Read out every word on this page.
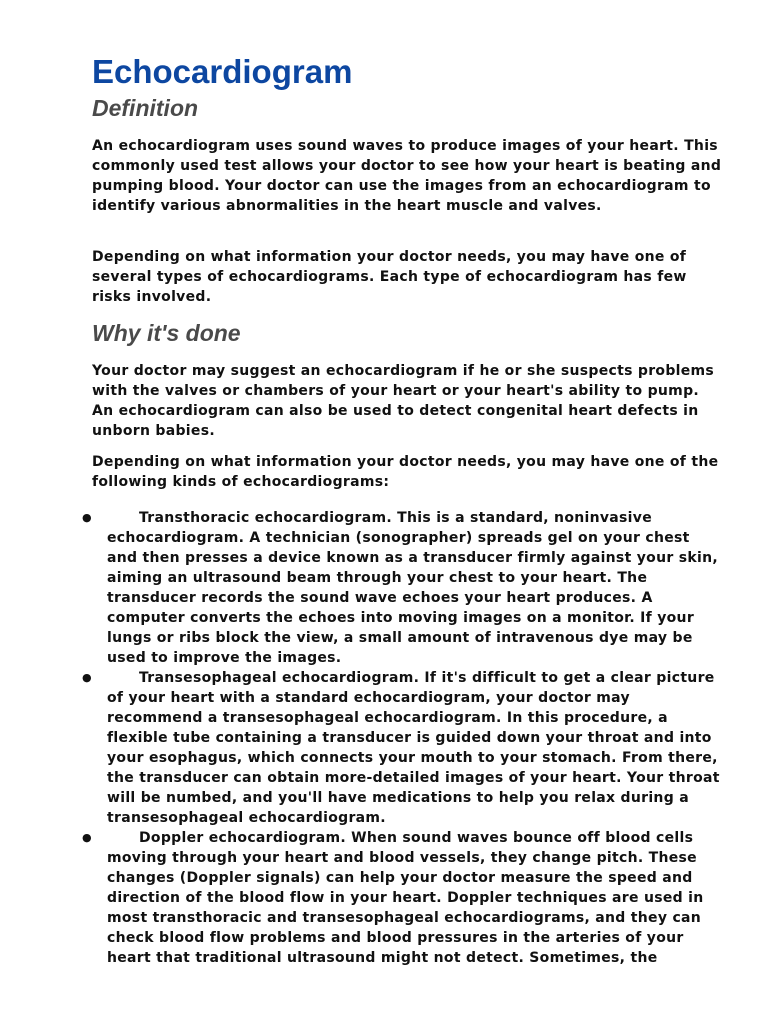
Echocardiogram
Definition

An echocardiogram uses sound waves to produce images of your heart. This commonly used test allows your doctor to see how your heart is beating and pumping blood. Your doctor can use the images from an echocardiogram to identify various abnormalities in the heart muscle and valves.

Depending on what information your doctor needs, you may have one of several types of echocardiograms. Each type of echocardiogram has few risks involved.

Why it's done

Your doctor may suggest an echocardiogram if he or she suspects problems with the valves or chambers of your heart or your heart's ability to pump. An echocardiogram can also be used to detect congenital heart defects in unborn babies.

Depending on what information your doctor needs, you may have one of the following kinds of echocardiograms:

●	Transthoracic echocardiogram. This is a standard, noninvasive echocardiogram. A technician (sonographer) spreads gel on your chest and then presses a device known as a transducer firmly against your skin, aiming an ultrasound beam through your chest to your heart. The transducer records the sound wave echoes your heart produces. A computer converts the echoes into moving images on a monitor. If your lungs or ribs block the view, a small amount of intravenous dye may be used to improve the images.
●	Transesophageal echocardiogram. If it's difficult to get a clear picture of your heart with a standard echocardiogram, your doctor may recommend a transesophageal echocardiogram. In this procedure, a flexible tube containing a transducer is guided down your throat and into your esophagus, which connects your mouth to your stomach. From there, the transducer can obtain more-detailed images of your heart. Your throat will be numbed, and you'll have medications to help you relax during a transesophageal echocardiogram.
●	Doppler echocardiogram. When sound waves bounce off blood cells moving through your heart and blood vessels, they change pitch. These changes (Doppler signals) can help your doctor measure the speed and direction of the blood flow in your heart. Doppler techniques are used in most transthoracic and transesophageal echocardiograms, and they can check blood flow problems and blood pressures in the arteries of your heart that traditional ultrasound might not detect. Sometimes, the
